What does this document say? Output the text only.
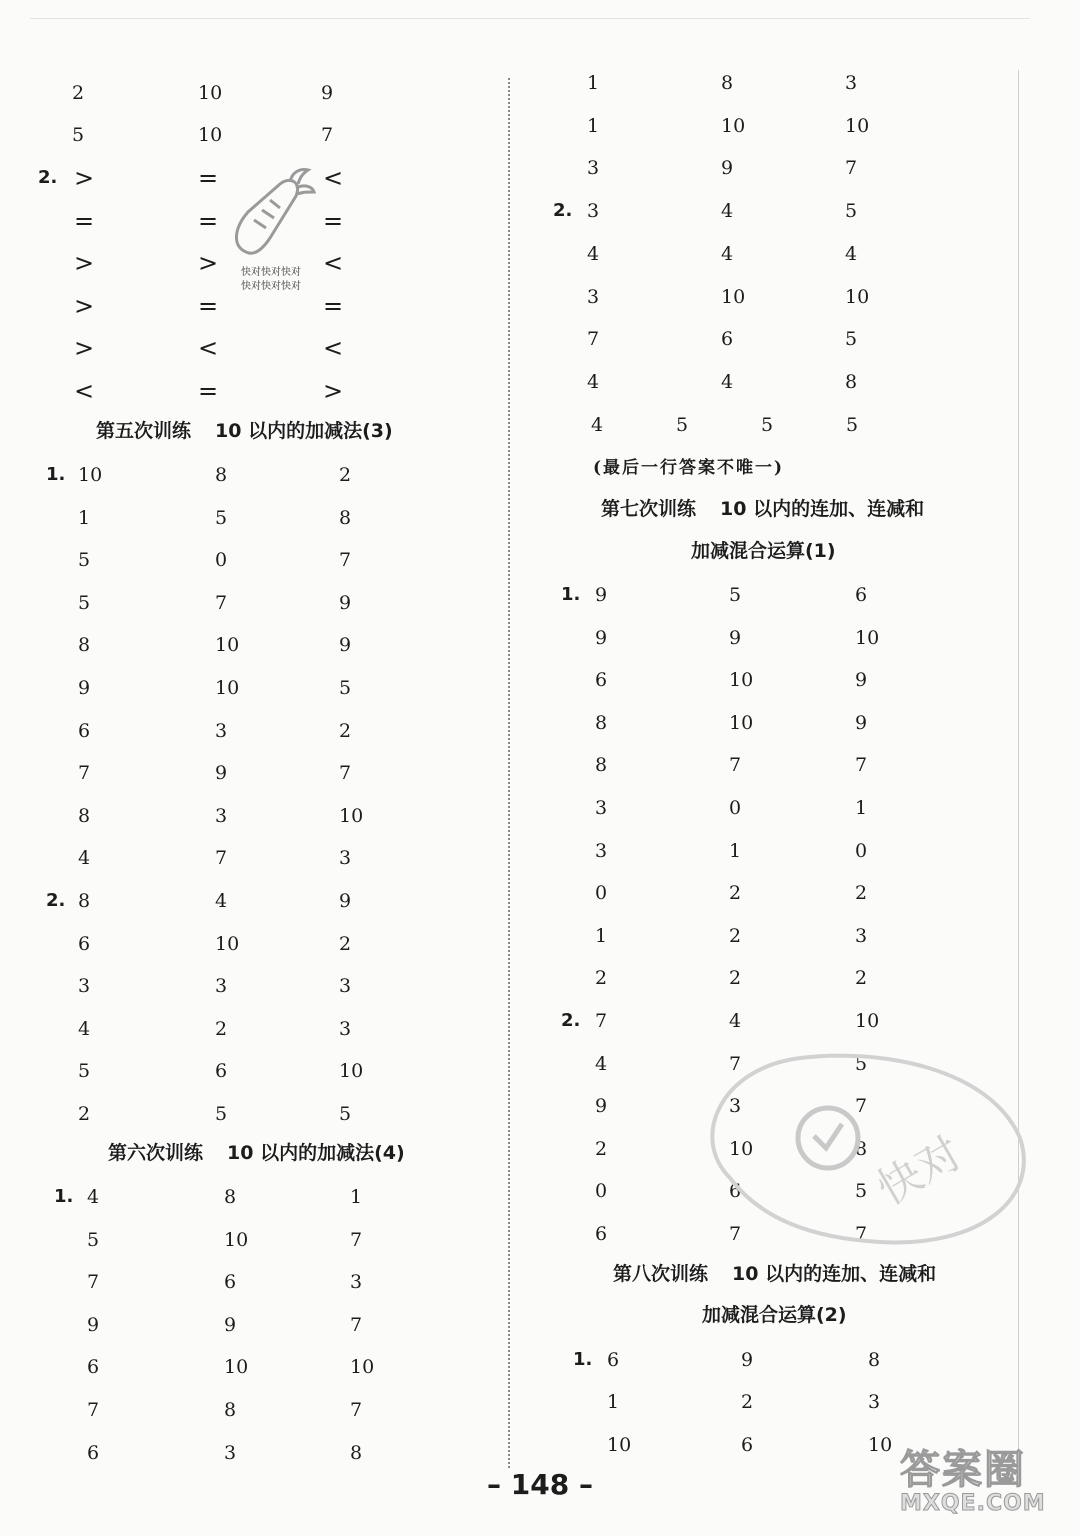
2	10	9
5	10	7
2. >	=	<
=	=	=
>	>	<
>	=	=
>	<	<
<	=	>
第五次训练 10 以内的加减法(3)
1. 10	8	2
1	5	8
5	0	7
5	7	9
8	10	9
9	10	5
6	3	2
7	9	7
8	3	10
4	7	3
2. 8	4	9
6	10	2
3	3	3
4	2	3
5	6	10
2	5	5
第六次训练 10 以内的加减法(4)
1. 4	8	1
5	10	7
7	6	3
9	9	7
6	10	10
7	8	7
6	3	8
快对快对快对
快对快对快对
1	8	3
1	10	10
3	9	7
2. 3	4	5
4	4	4
3	10	10
7	6	5
4	4	8
4	5	5	5
(最后一行答案不唯一)
第七次训练 10 以内的连加、连减和
加减混合运算(1)
1. 9	5	6
9	9	10
6	10	9
8	10	9
8	7	7
3	0	1
3	1	0
0	2	2
1	2	3
2	2	2
2. 7	4	10
4	7	5
9	3	7
2	10	8
0	6	5
6	7	7
第八次训练 10 以内的连加、连减和
加减混合运算(2)
1. 6	9	8
1	2	3
10	6	10
快对
答案圈
MXQE.COM
– 148 –
